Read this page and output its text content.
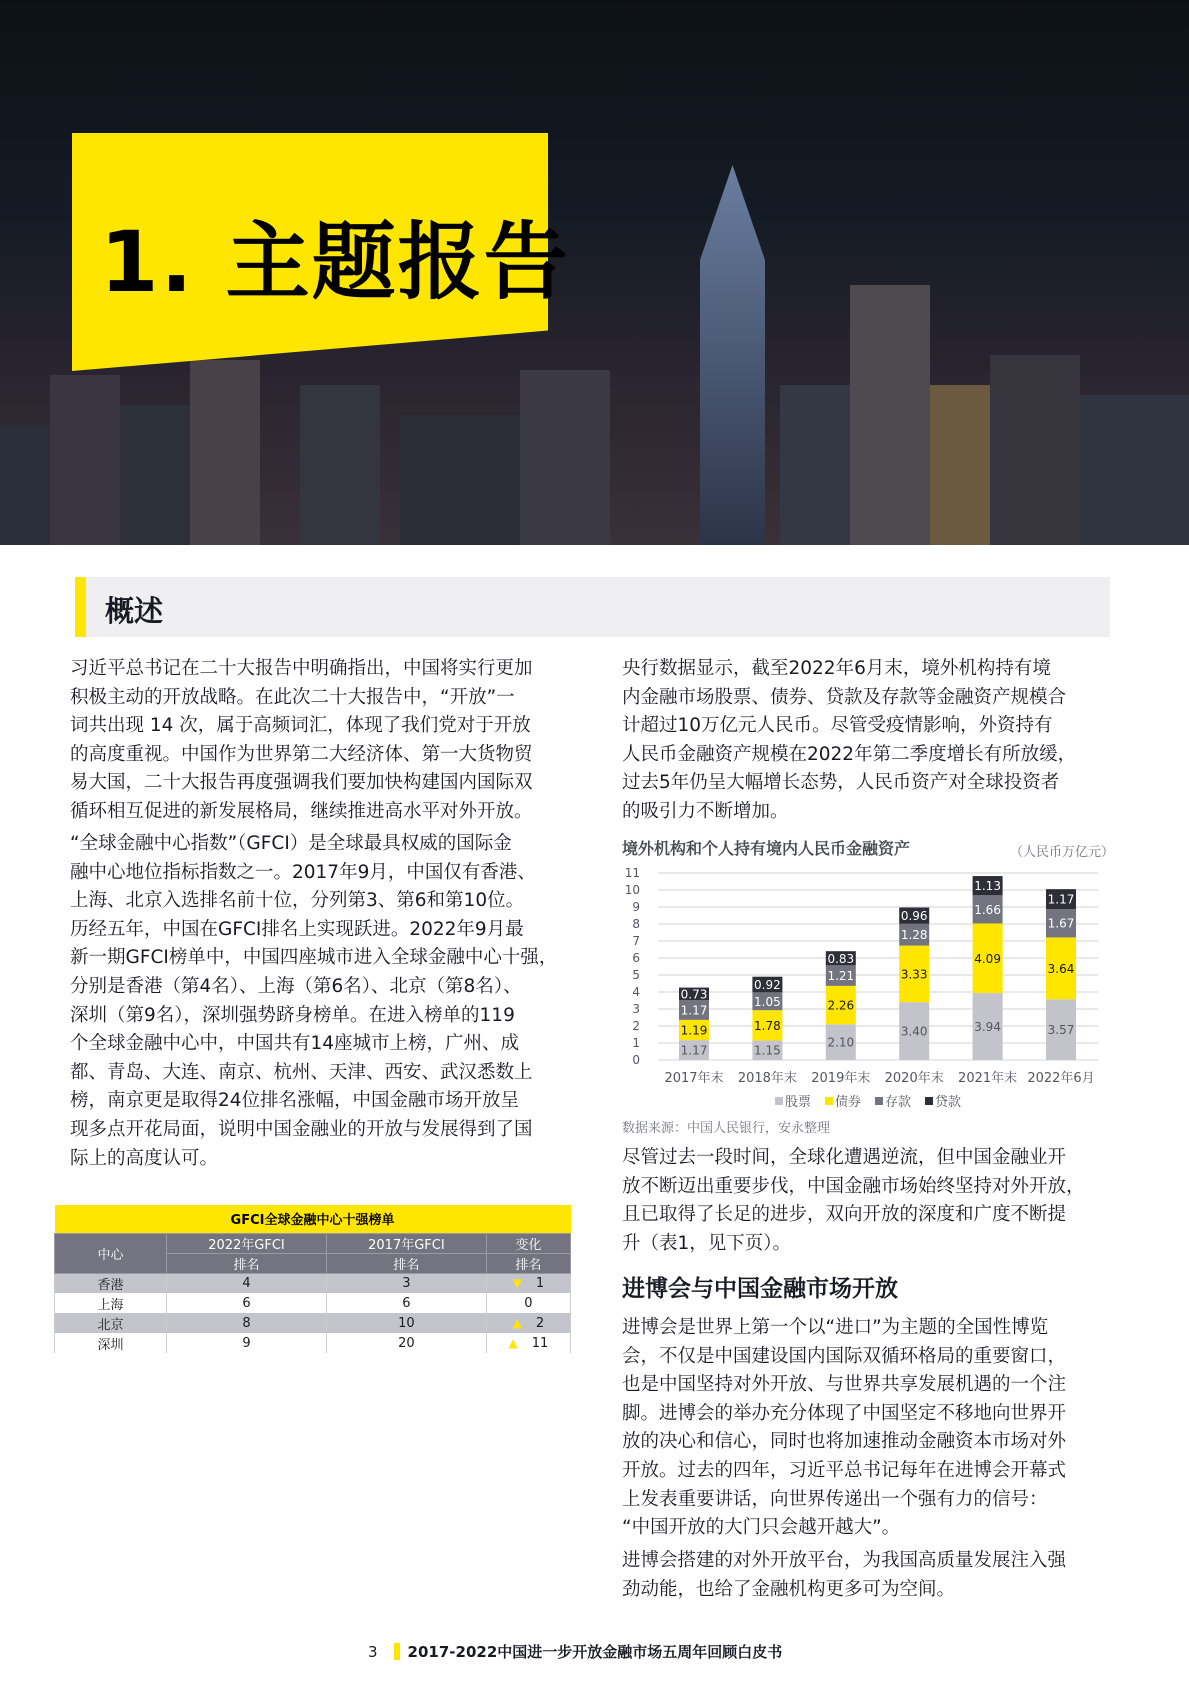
1. 主题报告
概述
习近平总书记在二十大报告中明确指出，中国将实行更加
积极主动的开放战略。在此次二十大报告中，“开放”一
词共出现 14 次，属于高频词汇，体现了我们党对于开放
的高度重视。中国作为世界第二大经济体、第一大货物贸
易大国，二十大报告再度强调我们要加快构建国内国际双
循环相互促进的新发展格局，继续推进高水平对外开放。
“全球金融中心指数”（GFCI）是全球最具权威的国际金
融中心地位指标指数之一。2017年9月，中国仅有香港、
上海、北京入选排名前十位，分列第3、第6和第10位。
历经五年，中国在GFCI排名上实现跃进。2022年9月最
新一期GFCI榜单中，中国四座城市进入全球金融中心十强，
分别是香港（第4名）、上海（第6名）、北京（第8名）、
深圳（第9名），深圳强势跻身榜单。在进入榜单的119
个全球金融中心中，中国共有14座城市上榜，广州、成
都、青岛、大连、南京、杭州、天津、西安、武汉悉数上
榜，南京更是取得24位排名涨幅，中国金融市场开放呈
现多点开花局面，说明中国金融业的开放与发展得到了国
际上的高度认可。
GFCI全球金融中心十强榜单			
中心	2022年GFCI	2017年GFCI	变化
	排名	排名	排名
香港	4	3	▼ 1
上海	6	6	0
北京	8	10	▲ 2
深圳	9	20	▲ 11
央行数据显示，截至2022年6月末，境外机构持有境
内金融市场股票、债券、贷款及存款等金融资产规模合
计超过10万亿元人民币。尽管受疫情影响，外资持有
人民币金融资产规模在2022年第二季度增长有所放缓，
过去5年仍呈大幅增长态势，人民币资产对全球投资者
的吸引力不断增加。
境外机构和个人持有境内人民币金融资产	（人民币万亿元）
0
1
2
3
4
5
6
7
8
9
10
11
1.17
1.19
1.17
0.73
2017年末
1.15
1.78
1.05
0.92
2018年末
2.10
2.26
1.21
0.83
2019年末
3.40
3.33
1.28
0.96
2020年末
3.94
4.09
1.66
1.13
2021年末
3.57
3.64
1.67
1.17
2022年6月
股票 债券 存款 贷款
数据来源：中国人民银行，安永整理
尽管过去一段时间，全球化遭遇逆流，但中国金融业开
放不断迈出重要步伐，中国金融市场始终坚持对外开放，
且已取得了长足的进步，双向开放的深度和广度不断提
升（表1，见下页）。
进博会与中国金融市场开放
进博会是世界上第一个以“进口”为主题的全国性博览
会，不仅是中国建设国内国际双循环格局的重要窗口，
也是中国坚持对外开放、与世界共享发展机遇的一个注
脚。进博会的举办充分体现了中国坚定不移地向世界开
放的决心和信心，同时也将加速推动金融资本市场对外
开放。过去的四年，习近平总书记每年在进博会开幕式
上发表重要讲话，向世界传递出一个强有力的信号：
“中国开放的大门只会越开越大”。
进博会搭建的对外开放平台，为我国高质量发展注入强
劲动能，也给了金融机构更多可为空间。
3 2017-2022中国进一步开放金融市场五周年回顾白皮书
